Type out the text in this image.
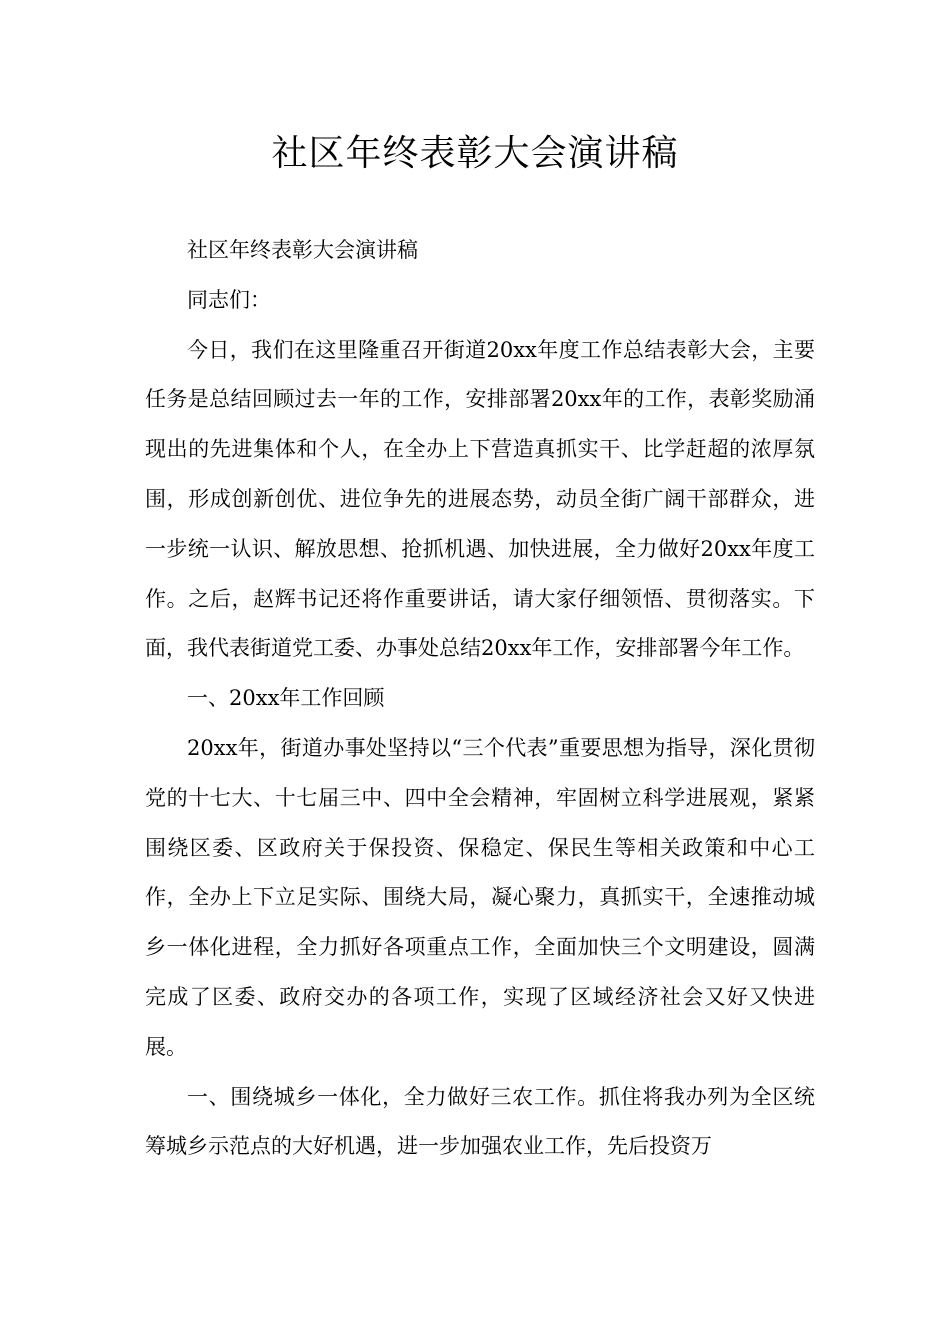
社区年终表彰大会演讲稿

社区年终表彰大会演讲稿

同志们：

今日，我们在这里隆重召开街道20xx年度工作总结表彰大会，主要任务是总结回顾过去一年的工作，安排部署20xx年的工作，表彰奖励涌现出的先进集体和个人，在全办上下营造真抓实干、比学赶超的浓厚氛围，形成创新创优、进位争先的进展态势，动员全街广阔干部群众，进一步统一认识、解放思想、抢抓机遇、加快进展，全力做好20xx年度工作。之后，赵辉书记还将作重要讲话，请大家仔细领悟、贯彻落实。下面，我代表街道党工委、办事处总结20xx年工作，安排部署今年工作。

一、20xx年工作回顾

20xx年，街道办事处坚持以“三个代表”重要思想为指导，深化贯彻党的十七大、十七届三中、四中全会精神，牢固树立科学进展观，紧紧围绕区委、区政府关于保投资、保稳定、保民生等相关政策和中心工作，全办上下立足实际、围绕大局，凝心聚力，真抓实干，全速推动城乡一体化进程，全力抓好各项重点工作，全面加快三个文明建设，圆满完成了区委、政府交办的各项工作，实现了区域经济社会又好又快进展。

一、围绕城乡一体化，全力做好三农工作。抓住将我办列为全区统筹城乡示范点的大好机遇，进一步加强农业工作，先后投资万
